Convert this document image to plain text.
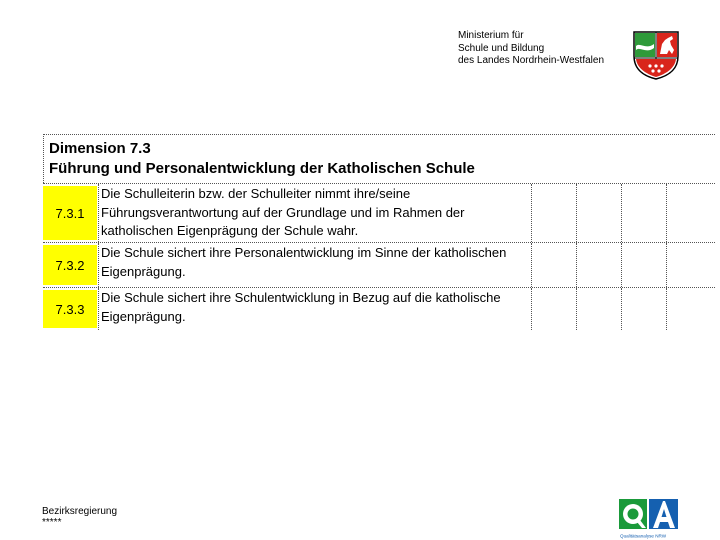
Ministerium für
Schule und Bildung
des Landes Nordrhein-Westfalen
Dimension 7.3
Führung und Personalentwicklung der Katholischen Schule
7.3.1
Die Schulleiterin bzw. der Schulleiter nimmt ihre/seine
Führungsverantwortung auf der Grundlage und im Rahmen der
katholischen Eigenprägung der Schule wahr.
7.3.2
Die Schule sichert ihre Personalentwicklung im Sinne der katholischen
Eigenprägung.
7.3.3
Die Schule sichert ihre Schulentwicklung in Bezug auf die katholische
Eigenprägung.
Bezirksregierung
*****
Qualitätsanalyse NRW
